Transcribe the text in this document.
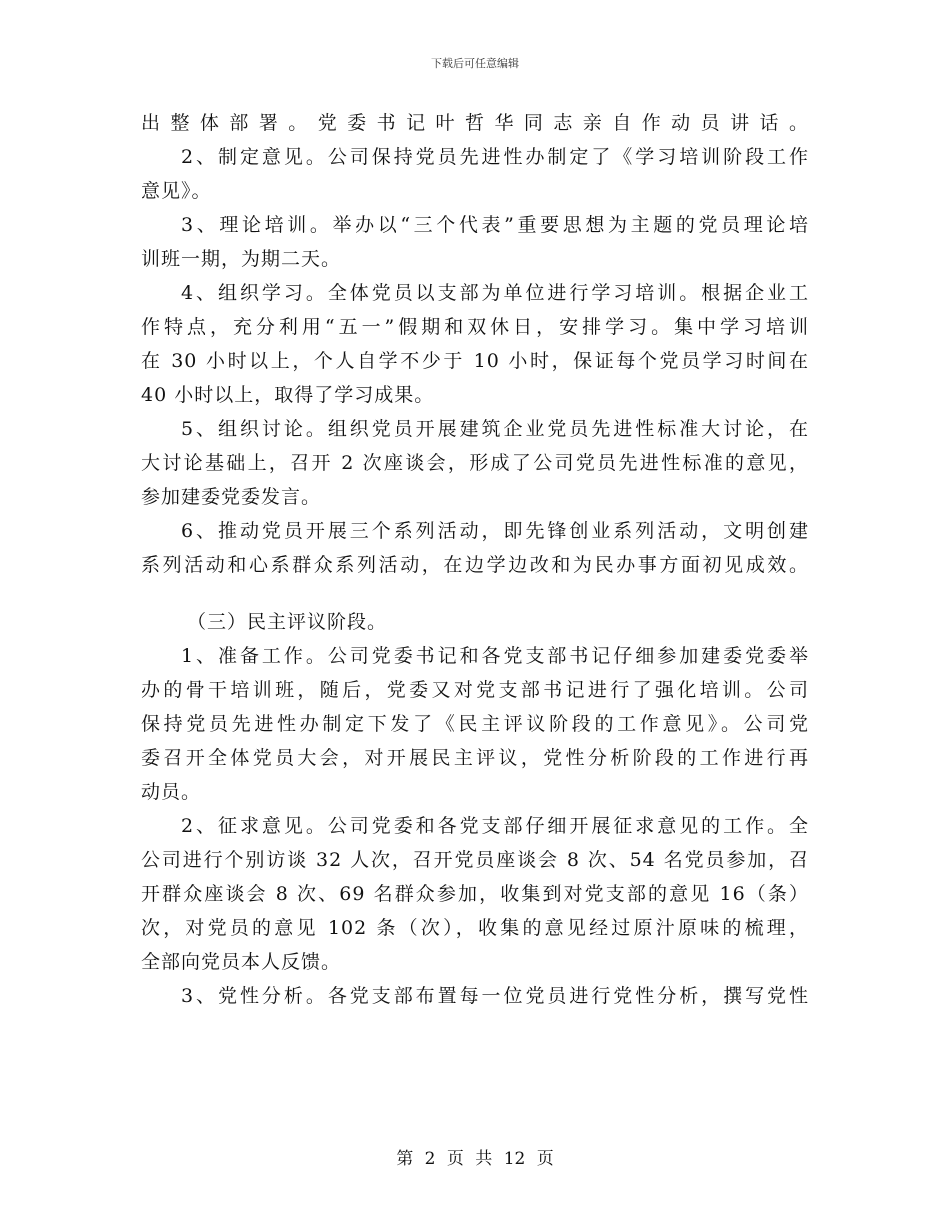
下载后可任意编辑
出整体部署。党委书记叶哲华同志亲自作动员讲话。
2、制定意见。公司保持党员先进性办制定了《学习培训阶段工作
意见》。
3、理论培训。举办以“三个代表”重要思想为主题的党员理论培
训班一期，为期二天。
4、组织学习。全体党员以支部为单位进行学习培训。根据企业工
作特点，充分利用“五一”假期和双休日，安排学习。集中学习培训
在 30 小时以上，个人自学不少于 10 小时，保证每个党员学习时间在
40 小时以上，取得了学习成果。
5、组织讨论。组织党员开展建筑企业党员先进性标准大讨论，在
大讨论基础上，召开 2 次座谈会，形成了公司党员先进性标准的意见，
参加建委党委发言。
6、推动党员开展三个系列活动，即先锋创业系列活动，文明创建
系列活动和心系群众系列活动，在边学边改和为民办事方面初见成效。
（三）民主评议阶段。
1、准备工作。公司党委书记和各党支部书记仔细参加建委党委举
办的骨干培训班，随后，党委又对党支部书记进行了强化培训。公司
保持党员先进性办制定下发了《民主评议阶段的工作意见》。公司党
委召开全体党员大会，对开展民主评议，党性分析阶段的工作进行再
动员。
2、征求意见。公司党委和各党支部仔细开展征求意见的工作。全
公司进行个别访谈 32 人次，召开党员座谈会 8 次、54 名党员参加，召
开群众座谈会 8 次、69 名群众参加，收集到对党支部的意见 16（条）
次，对党员的意见 102 条（次），收集的意见经过原汁原味的梳理，
全部向党员本人反馈。
3、党性分析。各党支部布置每一位党员进行党性分析，撰写党性
第 2 页 共 12 页
